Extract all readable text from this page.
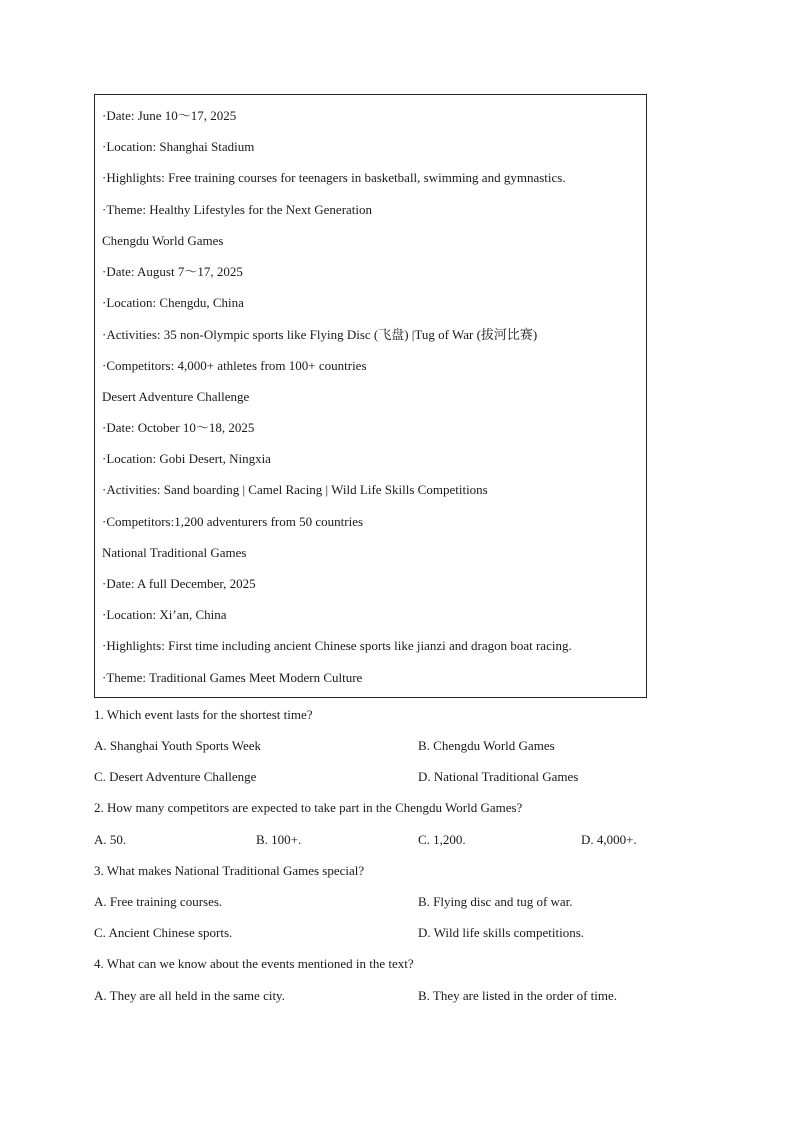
·Date: June 10～17, 2025
·Location: Shanghai Stadium
·Highlights: Free training courses for teenagers in basketball, swimming and gymnastics.
·Theme: Healthy Lifestyles for the Next Generation
Chengdu World Games
·Date: August 7～17, 2025
·Location: Chengdu, China
·Activities: 35 non-Olympic sports like Flying Disc (飞盘) |Tug of War (拔河比赛)
·Competitors: 4,000+ athletes from 100+ countries
Desert Adventure Challenge
·Date: October 10～18, 2025
·Location: Gobi Desert, Ningxia
·Activities: Sand boarding | Camel Racing | Wild Life Skills Competitions
·Competitors:1,200 adventurers from 50 countries
National Traditional Games
·Date: A full December, 2025
·Location: Xi’an, China
·Highlights: First time including ancient Chinese sports like jianzi and dragon boat racing.
·Theme: Traditional Games Meet Modern Culture
1. Which event lasts for the shortest time?
A. Shanghai Youth Sports Week	B. Chengdu World Games
C. Desert Adventure Challenge	D. National Traditional Games
2. How many competitors are expected to take part in the Chengdu World Games?
A. 50.	B. 100+.	C. 1,200.	D. 4,000+.
3. What makes National Traditional Games special?
A. Free training courses.	B. Flying disc and tug of war.
C. Ancient Chinese sports.	D. Wild life skills competitions.
4. What can we know about the events mentioned in the text?
A. They are all held in the same city.	B. They are listed in the order of time.
